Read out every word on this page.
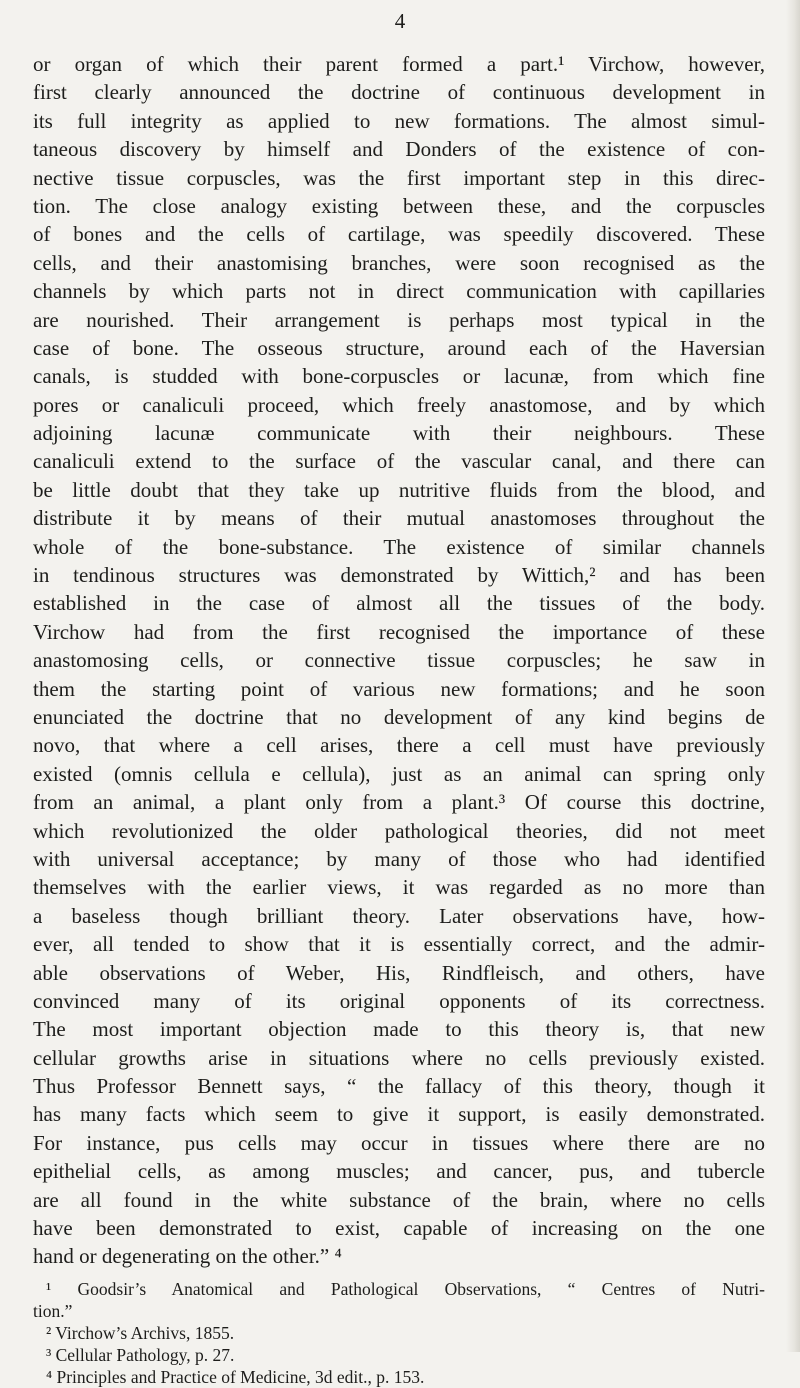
4
or organ of which their parent formed a part.¹ Virchow, however,
first clearly announced the doctrine of continuous development in
its full integrity as applied to new formations. The almost simul-
taneous discovery by himself and Donders of the existence of con-
nective tissue corpuscles, was the first important step in this direc-
tion. The close analogy existing between these, and the corpuscles
of bones and the cells of cartilage, was speedily discovered. These
cells, and their anastomising branches, were soon recognised as the
channels by which parts not in direct communication with capillaries
are nourished. Their arrangement is perhaps most typical in the
case of bone. The osseous structure, around each of the Haversian
canals, is studded with bone-corpuscles or lacunæ, from which fine
pores or canaliculi proceed, which freely anastomose, and by which
adjoining lacunæ communicate with their neighbours. These
canaliculi extend to the surface of the vascular canal, and there can
be little doubt that they take up nutritive fluids from the blood, and
distribute it by means of their mutual anastomoses throughout the
whole of the bone-substance. The existence of similar channels
in tendinous structures was demonstrated by Wittich,² and has been
established in the case of almost all the tissues of the body.
Virchow had from the first recognised the importance of these
anastomosing cells, or connective tissue corpuscles; he saw in
them the starting point of various new formations; and he soon
enunciated the doctrine that no development of any kind begins de
novo, that where a cell arises, there a cell must have previously
existed (omnis cellula e cellula), just as an animal can spring only
from an animal, a plant only from a plant.³ Of course this doctrine,
which revolutionized the older pathological theories, did not meet
with universal acceptance; by many of those who had identified
themselves with the earlier views, it was regarded as no more than
a baseless though brilliant theory. Later observations have, how-
ever, all tended to show that it is essentially correct, and the admir-
able observations of Weber, His, Rindfleisch, and others, have
convinced many of its original opponents of its correctness.
The most important objection made to this theory is, that new
cellular growths arise in situations where no cells previously existed.
Thus Professor Bennett says, “ the fallacy of this theory, though it
has many facts which seem to give it support, is easily demonstrated.
For instance, pus cells may occur in tissues where there are no
epithelial cells, as among muscles; and cancer, pus, and tubercle
are all found in the white substance of the brain, where no cells
have been demonstrated to exist, capable of increasing on the one
hand or degenerating on the other.” ⁴
¹ Goodsir’s Anatomical and Pathological Observations, “ Centres of Nutri-
tion.”
² Virchow’s Archivs, 1855.
³ Cellular Pathology, p. 27.
⁴ Principles and Practice of Medicine, 3d edit., p. 153.
